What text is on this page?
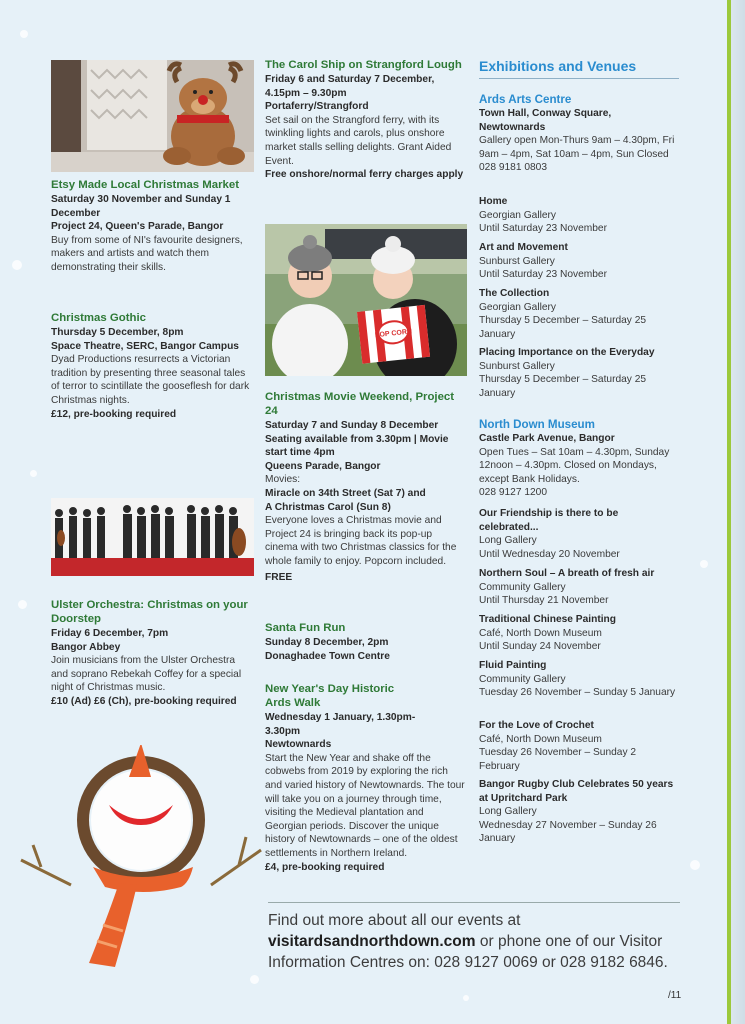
Etsy Made Local Christmas Market

Saturday 30 November and Sunday 1 December
Project 24, Queen's Parade, Bangor
Buy from some of NI's favourite designers, makers and artists and watch them demonstrating their skills.

Christmas Gothic

Thursday 5 December, 8pm
Space Theatre, SERC, Bangor Campus
Dyad Productions resurrects a Victorian tradition by presenting three seasonal tales of terror to scintillate the gooseflesh for dark Christmas nights.
£12, pre-booking required

Ulster Orchestra: Christmas on your Doorstep

Friday 6 December, 7pm
Bangor Abbey
Join musicians from the Ulster Orchestra and soprano Rebekah Coffey for a special night of Christmas music.
£10 (Ad) £6 (Ch), pre-booking required

The Carol Ship on Strangford Lough

Friday 6 and Saturday 7 December, 4.15pm – 9.30pm
Portaferry/Strangford
Set sail on the Strangford ferry, with its twinkling lights and carols, plus onshore market stalls selling delights. Grant Aided Event.
Free onshore/normal ferry charges apply
POP CORN

Christmas Movie Weekend, Project 24

Saturday 7 and Sunday 8 December
Seating available from 3.30pm | Movie start time 4pm
Queens Parade, Bangor
Movies:
Miracle on 34th Street (Sat 7) and
A Christmas Carol (Sun 8)
Everyone loves a Christmas movie and Project 24 is bringing back its pop-up cinema with two Christmas classics for the whole family to enjoy. Popcorn included.
FREE

Santa Fun Run

Sunday 8 December, 2pm
Donaghadee Town Centre

New Year's Day Historic Ards Walk

Wednesday 1 January, 1.30pm-3.30pm
Newtownards
Start the New Year and shake off the cobwebs from 2019 by exploring the rich and varied history of Newtownards. The tour will take you on a journey through time, visiting the Medieval plantation and Georgian periods. Discover the unique history of Newtownards – one of the oldest settlements in Northern Ireland.
£4, pre-booking required
Exhibitions and Venues
Ards Arts Centre
Town Hall, Conway Square, Newtownards
Gallery open Mon-Thurs 9am – 4.30pm, Fri 9am – 4pm, Sat 10am – 4pm, Sun Closed
028 9181 0803
Home
Georgian Gallery
Until Saturday 23 November
Art and Movement
Sunburst Gallery
Until Saturday 23 November
The Collection
Georgian Gallery
Thursday 5 December – Saturday 25 January
Placing Importance on the Everyday
Sunburst Gallery
Thursday 5 December – Saturday 25 January
North Down Museum
Castle Park Avenue, Bangor
Open Tues – Sat 10am – 4.30pm, Sunday 12noon – 4.30pm. Closed on Mondays, except Bank Holidays.
028 9127 1200
Our Friendship is there to be celebrated...
Long Gallery
Until Wednesday 20 November
Northern Soul – A breath of fresh air
Community Gallery
Until Thursday 21 November
Traditional Chinese Painting
Café, North Down Museum
Until Sunday 24 November
Fluid Painting
Community Gallery
Tuesday 26 November – Sunday 5 January
For the Love of Crochet
Café, North Down Museum
Tuesday 26 November – Sunday 2 February
Bangor Rugby Club Celebrates 50 years at Upritchard Park
Long Gallery
Wednesday 27 November – Sunday 26 January
Find out more about all our events at
visitardsandnorthdown.com or phone one of our Visitor Information Centres on: 028 9127 0069 or 028 9182 6846.
/11
